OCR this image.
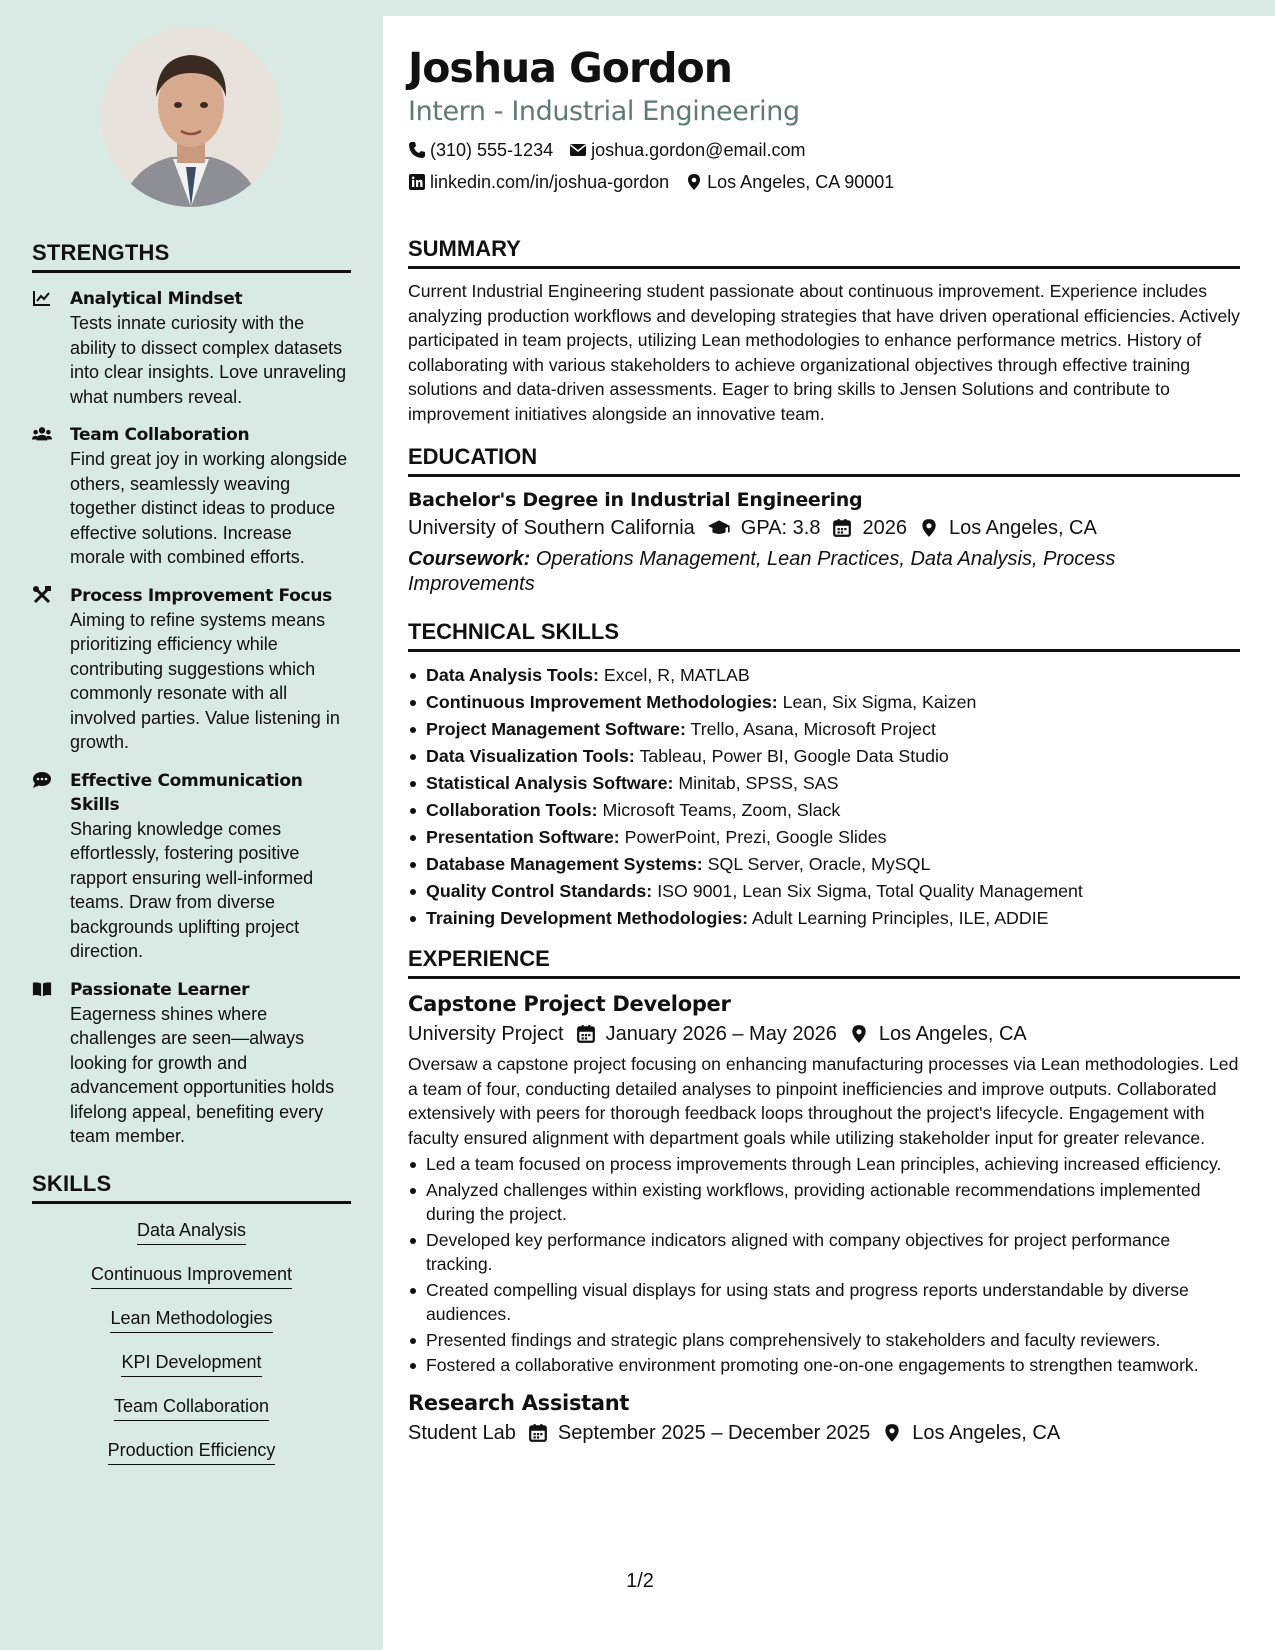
STRENGTHS
Analytical Mindset
Tests innate curiosity with the ability to dissect complex datasets into clear insights. Love unraveling what numbers reveal.
Team Collaboration
Find great joy in working alongside others, seamlessly weaving together distinct ideas to produce effective solutions. Increase morale with combined efforts.
Process Improvement Focus
Aiming to refine systems means prioritizing efficiency while contributing suggestions which commonly resonate with all involved parties. Value listening in growth.
Effective Communication Skills
Sharing knowledge comes effortlessly, fostering positive rapport ensuring well-informed teams. Draw from diverse backgrounds uplifting project direction.
Passionate Learner
Eagerness shines where challenges are seen—always looking for growth and advancement opportunities holds lifelong appeal, benefiting every team member.
SKILLS
Data Analysis
Continuous Improvement
Lean Methodologies
KPI Development
Team Collaboration
Production Efficiency
Joshua Gordon
Intern - Industrial Engineering
(310) 555-1234 joshua.gordon@email.com
linkedin.com/in/joshua-gordon Los Angeles, CA 90001
SUMMARY
Current Industrial Engineering student passionate about continuous improvement. Experience includes analyzing production workflows and developing strategies that have driven operational efficiencies. Actively participated in team projects, utilizing Lean methodologies to enhance performance metrics. History of collaborating with various stakeholders to achieve organizational objectives through effective training solutions and data-driven assessments. Eager to bring skills to Jensen Solutions and contribute to improvement initiatives alongside an innovative team.
EDUCATION
Bachelor's Degree in Industrial Engineering
University of Southern California GPA: 3.8 2026 Los Angeles, CA
Coursework: Operations Management, Lean Practices, Data Analysis, Process Improvements
TECHNICAL SKILLS
Data Analysis Tools: Excel, R, MATLAB
Continuous Improvement Methodologies: Lean, Six Sigma, Kaizen
Project Management Software: Trello, Asana, Microsoft Project
Data Visualization Tools: Tableau, Power BI, Google Data Studio
Statistical Analysis Software: Minitab, SPSS, SAS
Collaboration Tools: Microsoft Teams, Zoom, Slack
Presentation Software: PowerPoint, Prezi, Google Slides
Database Management Systems: SQL Server, Oracle, MySQL
Quality Control Standards: ISO 9001, Lean Six Sigma, Total Quality Management
Training Development Methodologies: Adult Learning Principles, ILE, ADDIE
EXPERIENCE
Capstone Project Developer
University Project January 2026 – May 2026 Los Angeles, CA
Oversaw a capstone project focusing on enhancing manufacturing processes via Lean methodologies. Led a team of four, conducting detailed analyses to pinpoint inefficiencies and improve outputs. Collaborated extensively with peers for thorough feedback loops throughout the project's lifecycle. Engagement with faculty ensured alignment with department goals while utilizing stakeholder input for greater relevance.
Led a team focused on process improvements through Lean principles, achieving increased efficiency.
Analyzed challenges within existing workflows, providing actionable recommendations implemented during the project.
Developed key performance indicators aligned with company objectives for project performance tracking.
Created compelling visual displays for using stats and progress reports understandable by diverse audiences.
Presented findings and strategic plans comprehensively to stakeholders and faculty reviewers.
Fostered a collaborative environment promoting one-on-one engagements to strengthen teamwork.
Research Assistant
Student Lab September 2025 – December 2025 Los Angeles, CA
1/2
